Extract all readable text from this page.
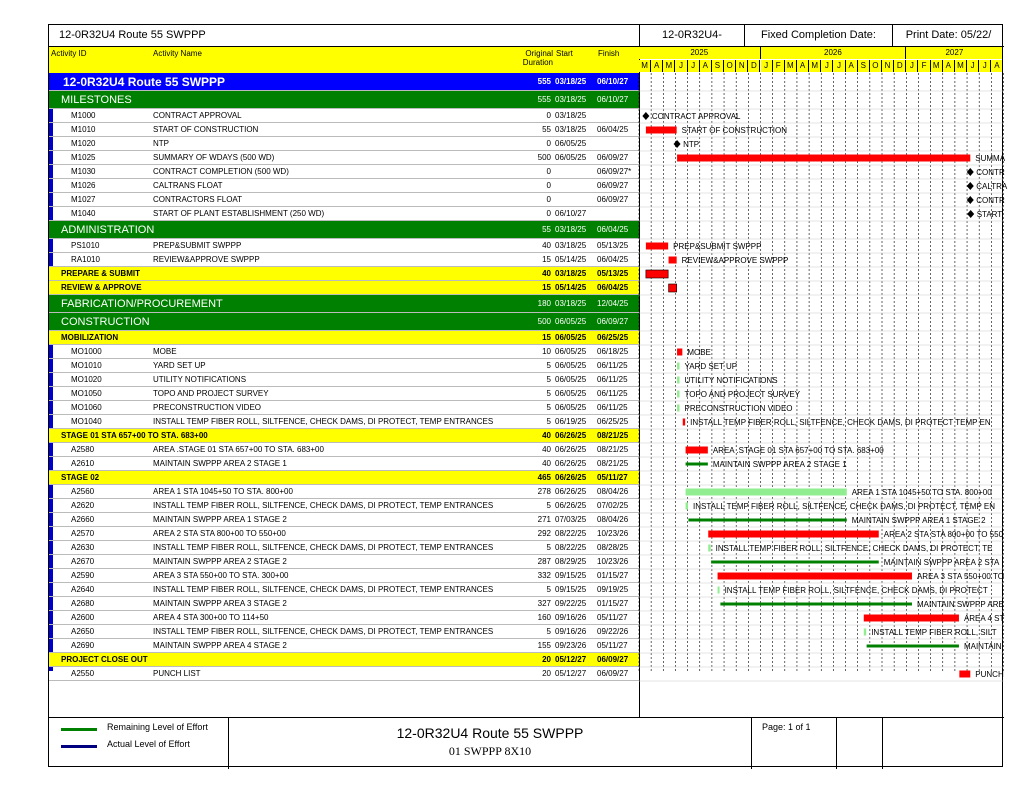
12-0R32U4 Route 55 SWPPP	12-0R32U4-	Fixed Completion Date:	Print Date: 05/22/
Activity ID	Activity Name	Original Duration
Start	Finish	2025	2026	2027
M A M J	J A S O N D J F M A M J	J A S O N D J F M A M J	J A
12-0R32U4 Route 55 SWPPP	555 03/18/25	06/10/27
MILESTONES	555 03/18/25	06/10/27
M1000	CONTRACT APPROVAL	0 03/18/25
M1010	START OF CONSTRUCTION	55 03/18/25	06/04/25
M1020	NTP	0 06/05/25
M1025	SUMMARY OF WDAYS (500 WD)	500 06/05/25	06/09/27
M1030	CONTRACT COMPLETION (500 WD)	0	06/09/27*
M1026	CALTRANS FLOAT	0	06/09/27
M1027	CONTRACTORS FLOAT	0	06/09/27
M1040	START OF PLANT ESTABLISHMENT (250 WD)	0 06/10/27
ADMINISTRATION	55 03/18/25	06/04/25
PS1010	PREP&SUBMIT SWPPP	40 03/18/25	05/13/25
RA1010	REVIEW&APPROVE SWPPP	15 05/14/25	06/04/25
PREPARE & SUBMIT	40 03/18/25	05/13/25
REVIEW & APPROVE	15 05/14/25	06/04/25
FABRICATION/PROCUREMENT	180 03/18/25	12/04/25
CONSTRUCTION	500 06/05/25	06/09/27
MOBILIZATION	15 06/05/25	06/25/25
MO1000	MOBE	10 06/05/25	06/18/25
MO1010	YARD SET UP	5 06/05/25	06/11/25
MO1020	UTILITY NOTIFICATIONS	5 06/05/25	06/11/25
MO1050	TOPO AND PROJECT SURVEY	5 06/05/25	06/11/25
MO1060	PRECONSTRUCTION VIDEO	5 06/05/25	06/11/25
MO1040	INSTALL TEMP FIBER ROLL, SILTFENCE, CHECK DAMS, DI PROTECT, TEMP ENTRANCES	5 06/19/25	06/25/25
STAGE 01 STA 657+00 TO STA. 683+00	40 06/26/25	08/21/25
A2580	AREA .STAGE 01 STA 657+00 TO STA. 683+00	40 06/26/25	08/21/25
A2610	MAINTAIN SWPPP AREA 2 STAGE 1	40 06/26/25	08/21/25
STAGE 02	465 06/26/25	05/11/27
A2560	AREA 1 STA 1045+50 TO STA. 800+00	278 06/26/25	08/04/26
A2620	INSTALL TEMP FIBER ROLL, SILTFENCE, CHECK DAMS, DI PROTECT, TEMP ENTRANCES	5 06/26/25	07/02/25
A2660	MAINTAIN SWPPP AREA 1 STAGE 2	271 07/03/25	08/04/26
A2570	AREA 2 STA STA 800+00 TO 550+00	292 08/22/25	10/23/26
A2630	INSTALL TEMP FIBER ROLL, SILTFENCE, CHECK DAMS, DI PROTECT, TEMP ENTRANCES	5 08/22/25	08/28/25
A2670	MAINTAIN SWPPP AREA 2 STAGE 2	287 08/29/25	10/23/26
A2590	AREA 3 STA 550+00 TO STA. 300+00	332 09/15/25	01/15/27
A2640	INSTALL TEMP FIBER ROLL, SILTFENCE, CHECK DAMS, DI PROTECT, TEMP ENTRANCES	5 09/15/25	09/19/25
A2680	MAINTAIN SWPPP AREA 3 STAGE 2	327 09/22/25	01/15/27
A2600	AREA 4 STA 300+00 TO 114+50	160 09/16/26	05/11/27
A2650	INSTALL TEMP FIBER ROLL, SILTFENCE, CHECK DAMS, DI PROTECT, TEMP ENTRANCES	5 09/16/26	09/22/26
A2690	MAINTAIN SWPPP AREA 4 STAGE 2	155 09/23/26	05/11/27
PROJECT CLOSE OUT	20 05/12/27	06/09/27
A2550	PUNCH LIST	20 05/12/27	06/09/27
CONTRACT APPROVAL
START OF CONSTRUCTION
NTP
SUMMA
CONTR
CALTRA
CONTR
START
PREP&SUBMIT SWPPP
REVIEW&APPROVE SWPPP
MOBE
YARD SET UP
UTILITY NOTIFICATIONS
TOPO AND PROJECT SURVEY
PRECONSTRUCTION VIDEO
INSTALL TEMP FIBER ROLL, SILTFENCE, CHECK DAMS, DI PROTECT TEMP EN
AREA .STAGE 01 STA 657+00 TO STA. 683+00
MAINTAIN SWPPP AREA 2 STAGE 1
AREA 1 STA 1045+50 TO STA. 800+00
INSTALL TEMP FIBER ROLL, SILTFENCE, CHECK DAMS, DI PROTECT, TEMP EN
MAINTAIN SWPPP AREA 1 STAGE 2
AREA 2 STA STA 800+00 TO 550
INSTALL TEMP FIBER ROLL, SILTFENCE, CHECK DAMS, DI PROTECT, TE
MAINTAIN SWPPP AREA 2 STA
AREA 3 STA 550+00 TO
INSTALL TEMP FIBER ROLL, SILTFENCE, CHECK DAMS, DI PROTECT
MAINTAIN SWPPP ARE
AREA 4 ST
INSTALL TEMP FIBER ROLL, SILT
MAINTAIN
PUNCH
Remaining Level of Effort
Actual Level of Effort
12-0R32U4 Route 55 SWPPP
01 SWPPP 8X10
Page: 1 of 1
